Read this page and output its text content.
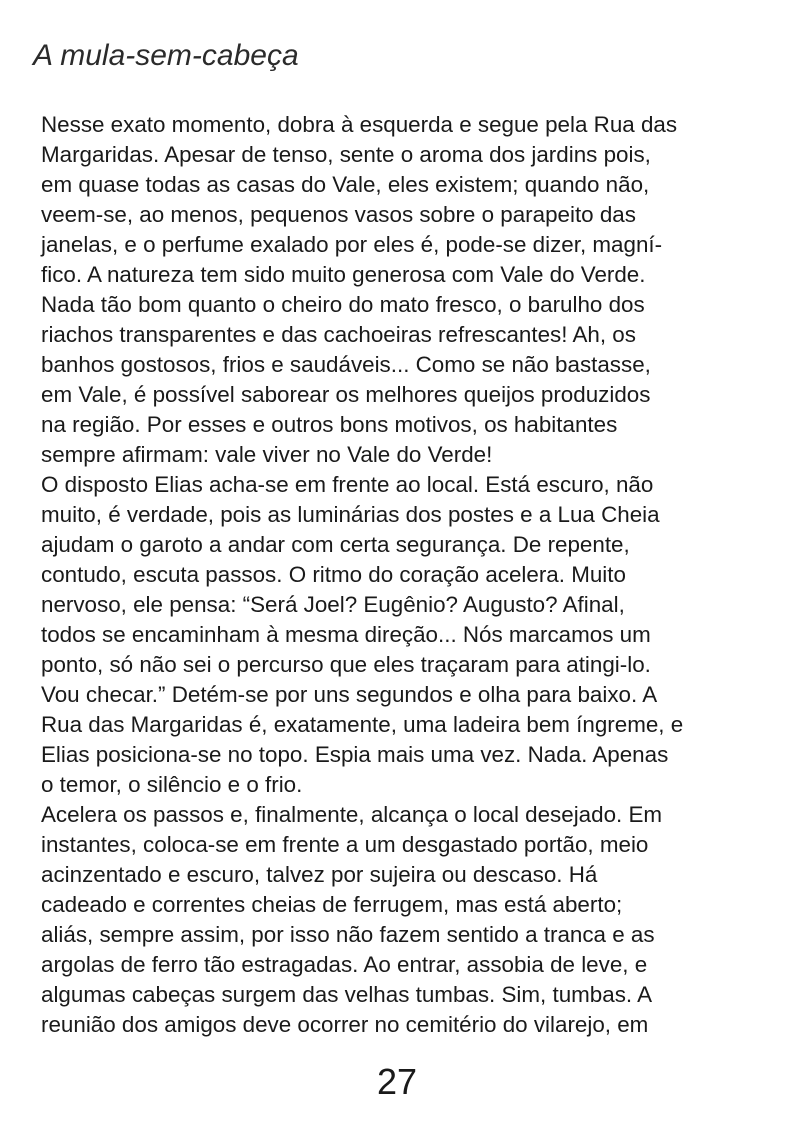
A mula-sem-cabeça
Nesse exato momento, dobra à esquerda e segue pela Rua das
Margaridas. Apesar de tenso, sente o aroma dos jardins pois,
em quase todas as casas do Vale, eles existem; quando não,
veem-se, ao menos, pequenos vasos sobre o parapeito das
janelas, e o perfume exalado por eles é, pode-se dizer, magní-
fico. A natureza tem sido muito generosa com Vale do Verde.
Nada tão bom quanto o cheiro do mato fresco, o barulho dos
riachos transparentes e das cachoeiras refrescantes! Ah, os
banhos gostosos, frios e saudáveis... Como se não bastasse,
em Vale, é possível saborear os melhores queijos produzidos
na região. Por esses e outros bons motivos, os habitantes
sempre afirmam: vale viver no Vale do Verde!
O disposto Elias acha-se em frente ao local. Está escuro, não
muito, é verdade, pois as luminárias dos postes e a Lua Cheia
ajudam o garoto a andar com certa segurança. De repente,
contudo, escuta passos. O ritmo do coração acelera. Muito
nervoso, ele pensa: “Será Joel? Eugênio? Augusto? Afinal,
todos se encaminham à mesma direção... Nós marcamos um
ponto, só não sei o percurso que eles traçaram para atingi-lo.
Vou checar.” Detém-se por uns segundos e olha para baixo. A
Rua das Margaridas é, exatamente, uma ladeira bem íngreme, e
Elias posiciona-se no topo. Espia mais uma vez. Nada. Apenas
o temor, o silêncio e o frio.
Acelera os passos e, finalmente, alcança o local desejado. Em
instantes, coloca-se em frente a um desgastado portão, meio
acinzentado e escuro, talvez por sujeira ou descaso. Há
cadeado e correntes cheias de ferrugem, mas está aberto;
aliás, sempre assim, por isso não fazem sentido a tranca e as
argolas de ferro tão estragadas. Ao entrar, assobia de leve, e
algumas cabeças surgem das velhas tumbas. Sim, tumbas. A
reunião dos amigos deve ocorrer no cemitério do vilarejo, em
27
